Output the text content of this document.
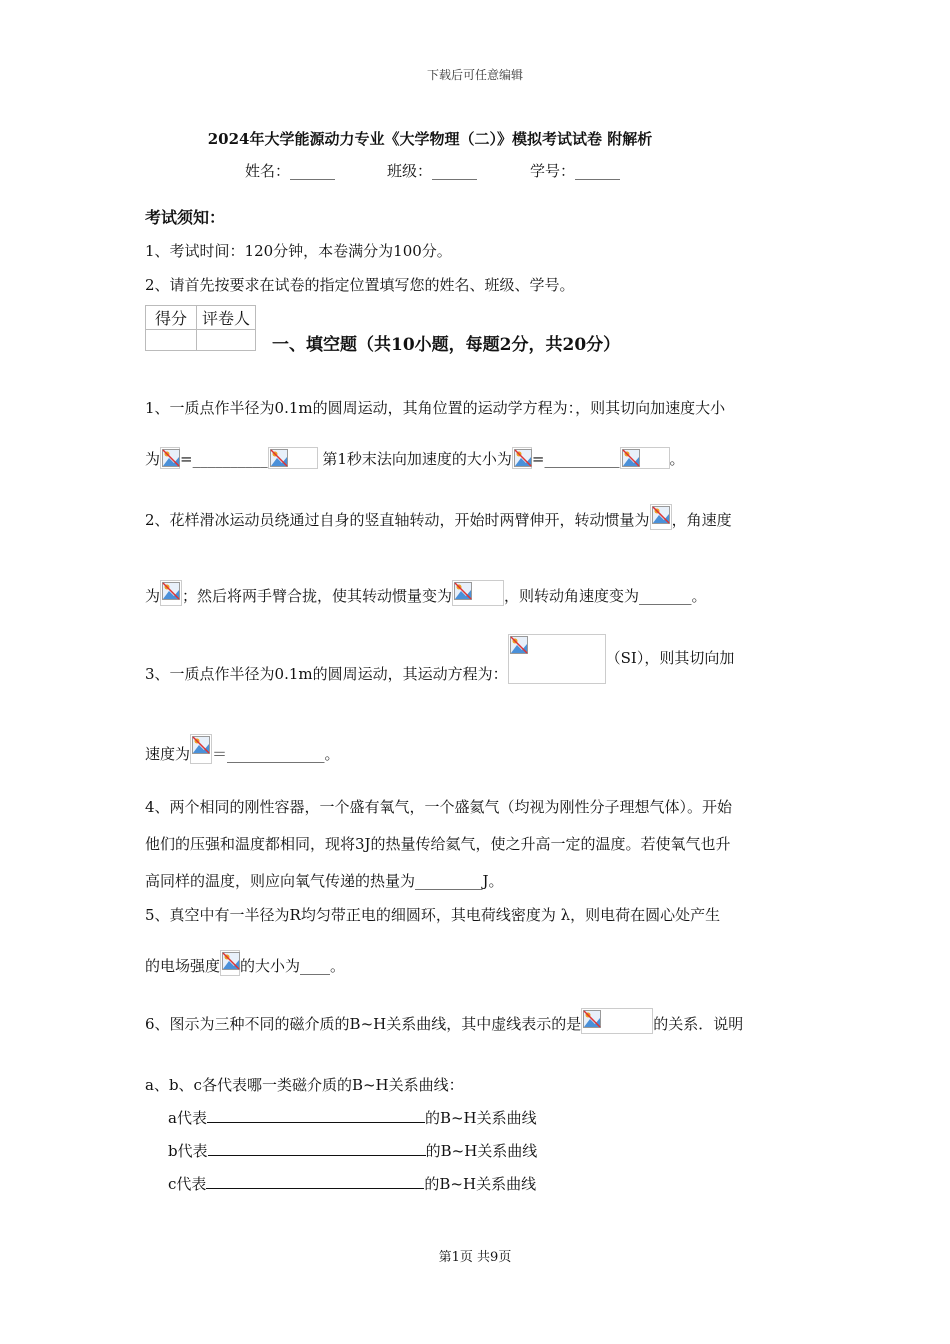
下载后可任意编辑
2024年大学能源动力专业《大学物理（二）》模拟考试试卷 附解析
姓名：______	班级：______	学号：______
考试须知：
1、考试时间：120分钟，本卷满分为100分。
2、请首先按要求在试卷的指定位置填写您的姓名、班级、学号。
得分	评卷人

一、填空题（共10小题，每题2分，共20分）
1、一质点作半径为0.1m的圆周运动，其角位置的运动学方程为：，则其切向加速度大小
为 =__________	第1秒末法向加速度的大小为 =__________	。
2、花样滑冰运动员绕通过自身的竖直轴转动，开始时两臂伸开，转动惯量为 ，角速度
为 ；然后将两手臂合拢，使其转动惯量变为	，则转动角速度变为_______。
3、一质点作半径为0.1m的圆周运动，其运动方程为：
（SI），则其切向加
速度为 ＝_____________。
4、两个相同的刚性容器，一个盛有氧气，一个盛氦气（均视为刚性分子理想气体）。开始
他们的压强和温度都相同，现将3J的热量传给氦气，使之升高一定的温度。若使氧气也升
高同样的温度，则应向氧气传递的热量为_________J。
5、真空中有一半径为R均匀带正电的细圆环，其电荷线密度为 λ，则电荷在圆心处产生
的电场强度 的大小为____。
6、图示为三种不同的磁介质的B~H关系曲线，其中虚线表示的是	的关系．说明
a、b、c各代表哪一类磁介质的B~H关系曲线：
a代表	的B~H关系曲线
b代表	的B~H关系曲线
c代表	的B~H关系曲线
第1页 共9页
